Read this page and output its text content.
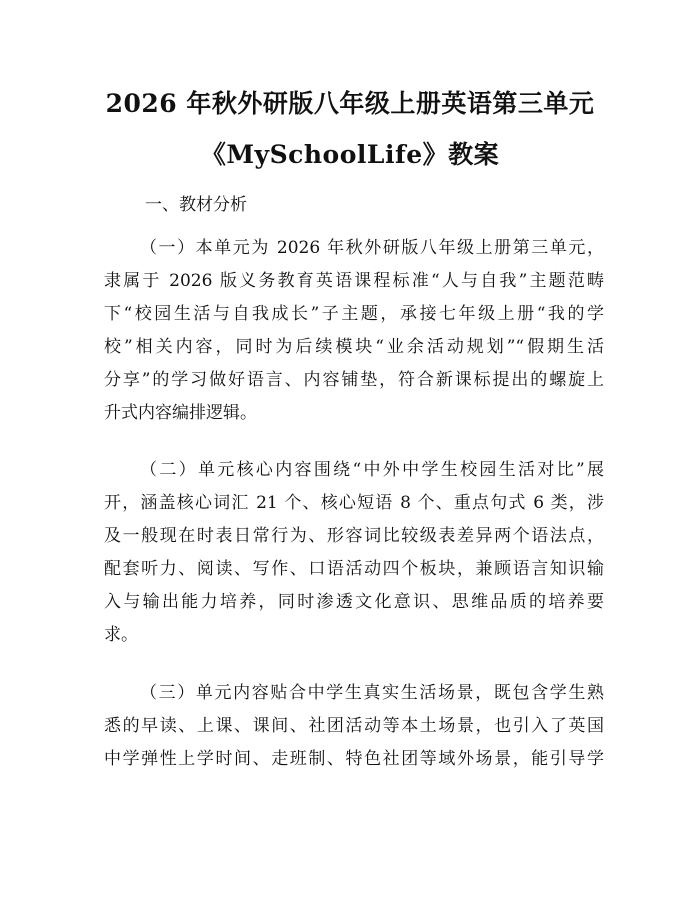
2026 年秋外研版八年级上册英语第三单元
《MySchoolLife》教案
一、教材分析
（一）本单元为 2026 年秋外研版八年级上册第三单元，
隶属于 2026 版义务教育英语课程标准“人与自我”主题范畴
下“校园生活与自我成长”子主题，承接七年级上册“我的学
校”相关内容，同时为后续模块“业余活动规划”“假期生活
分享”的学习做好语言、内容铺垫，符合新课标提出的螺旋上
升式内容编排逻辑。
（二）单元核心内容围绕“中外中学生校园生活对比”展
开，涵盖核心词汇 21 个、核心短语 8 个、重点句式 6 类，涉
及一般现在时表日常行为、形容词比较级表差异两个语法点，
配套听力、阅读、写作、口语活动四个板块，兼顾语言知识输
入与输出能力培养，同时渗透文化意识、思维品质的培养要
求。
（三）单元内容贴合中学生真实生活场景，既包含学生熟
悉的早读、上课、课间、社团活动等本土场景，也引入了英国
中学弹性上学时间、走班制、特色社团等域外场景，能引导学
